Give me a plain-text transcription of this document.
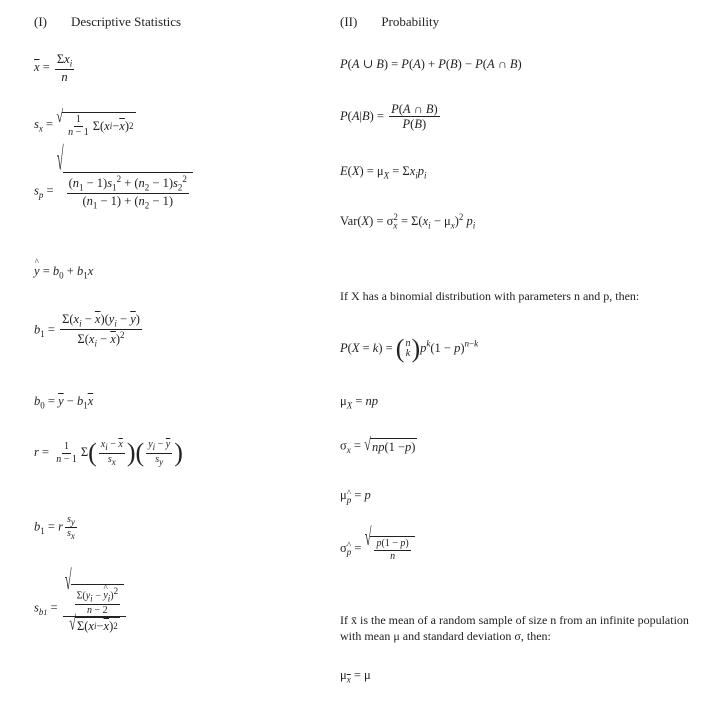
(I) Descriptive Statistics
$\overline{x} = \frac{\Sigma x_i}{n}$
$s_x$ = √ $\frac{1}{n - 1} \Sigma$( x $i - \overline{x}$ ) 2
$s_p$ =
√
$\frac{(n_1 - 1)s_1^2 + (n_2 - 1)s_2^2}{(n_1 - 1) + (n_2 - 1)}$
^ $y = b_0 + b_1x$
$b_1 = \frac{\Sigma(x_i - \overline{x})(y_i - \overline{y})}{\Sigma(x_i - \overline{x})^2}$
$b_0 = \overline{y} - b_1\overline{x}$
$r = \frac{1}{n - 1} \Sigma( \frac{xi - \overline{x}}{sx}$ )( $\frac{yi - \overline{y}}{sy}$ )
$b_1 = r \frac{sy}{sx}$
$s_{b1}$ = √
$\frac{\Sigma(yi - \^{} yi)2}{n - 2}$
√ Σ( x $i - \overline{x}$ ) 2
(II) Probability
P(A ∪ B) = P(A) + P(B) − P(A ∩ B)
$P(A|B) = \frac{P(A \cap B)}{P(B)}$
$E(X) = \mu_X = \Sigma x_ip_i$
$Var(X) = \sigma_x^2 = \Sigma(x_i - \mu_x)^2$ $p_i$
If X has a binomial distribution with parameters n and p, then:
P(X = k) = ( n
k )$p^k(1 - p)^{n-k}$
$\mu_X$ = np
$\sigma_x$ = √ np (1 − p )
μ^ $_p$ = p
σ^ $_p$ = √ $\frac{p(1 - p)}{n}$
If x̄ is the mean of a random sample of size n from an infinite population with mean μ and standard deviation σ, then:
$\mu_{\overline{x}} = \mu$
